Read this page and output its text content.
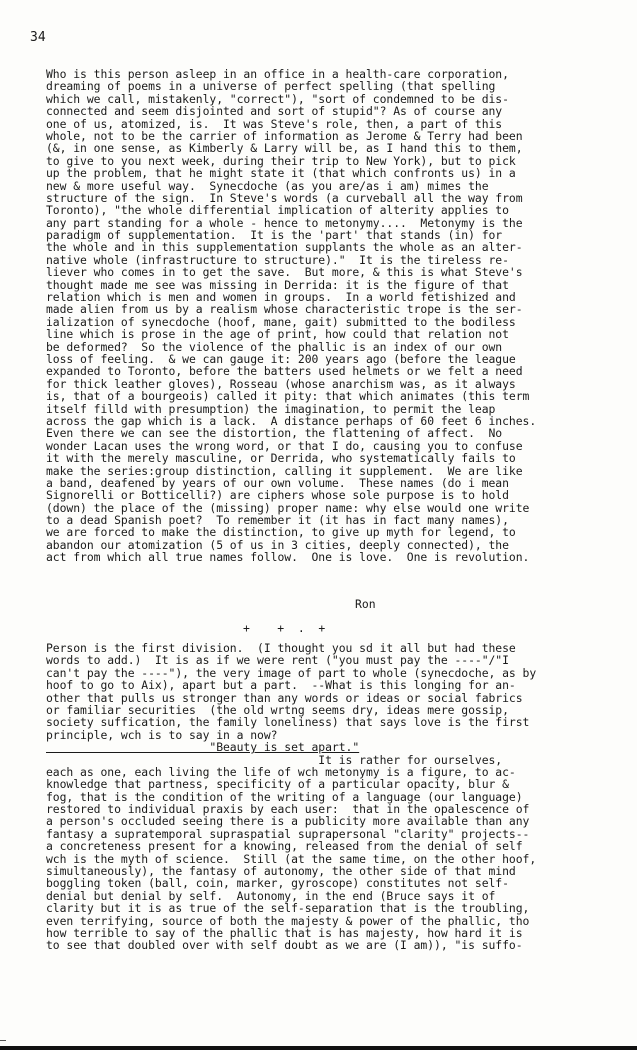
34
Who is this person asleep in an office in a health-care corporation,
dreaming of poems in a universe of perfect spelling (that spelling
which we call, mistakenly, "correct"), "sort of condemned to be dis-
connected and seem disjointed and sort of stupid"? As of course any
one of us, atomized, is.  It was Steve's role, then, a part of this
whole, not to be the carrier of information as Jerome & Terry had been
(&, in one sense, as Kimberly & Larry will be, as I hand this to them,
to give to you next week, during their trip to New York), but to pick
up the problem, that he might state it (that which confronts us) in a
new & more useful way.  Synecdoche (as you are/as i am) mimes the
structure of the sign.  In Steve's words (a curveball all the way from
Toronto), "the whole differential implication of alterity applies to
any part standing for a whole - hence to metonymy....  Metonymy is the
paradigm of supplementation.  It is the 'part' that stands (in) for
the whole and in this supplementation supplants the whole as an alter-
native whole (infrastructure to structure)."  It is the tireless re-
liever who comes in to get the save.  But more, & this is what Steve's
thought made me see was missing in Derrida: it is the figure of that
relation which is men and women in groups.  In a world fetishized and
made alien from us by a realism whose characteristic trope is the ser-
ialization of synecdoche (hoof, mane, gait) submitted to the bodiless
line which is prose in the age of print, how could that relation not
be deformed?  So the violence of the phallic is an index of our own
loss of feeling.  & we can gauge it: 200 years ago (before the league
expanded to Toronto, before the batters used helmets or we felt a need
for thick leather gloves), Rosseau (whose anarchism was, as it always
is, that of a bourgeois) called it pity: that which animates (this term
itself filld with presumption) the imagination, to permit the leap
across the gap which is a lack.  A distance perhaps of 60 feet 6 inches.
Even there we can see the distortion, the flattening of affect.  No
wonder Lacan uses the wrong word, or that I do, causing you to confuse
it with the merely masculine, or Derrida, who systematically fails to
make the series:group distinction, calling it supplement.  We are like
a band, deafened by years of our own volume.  These names (do i mean
Signorelli or Botticelli?) are ciphers whose sole purpose is to hold
(down) the place of the (missing) proper name: why else would one write
to a dead Spanish poet?  To remember it (it has in fact many names),
we are forced to make the distinction, to give up myth for legend, to
abandon our atomization (5 of us in 3 cities, deeply connected), the
act from which all true names follow.  One is love.  One is revolution.
Ron
+    +  .  +
Person is the first division.  (I thought you sd it all but had these
words to add.)  It is as if we were rent ("you must pay the ----"/"I
can't pay the ----"), the very image of part to whole (synecdoche, as by
hoof to go to Aix), apart but a part.  --What is this longing for an-
other that pulls us stronger than any words or ideas or social fabrics
or familiar securities  (the old wrtng seems dry, ideas mere gossip,
society suffication, the family loneliness) that says love is the first
principle, wch is to say in a now?
"Beauty is set apart."
It is rather for ourselves,
each as one, each living the life of wch metonymy is a figure, to ac-
knowledge that partness, specificity of a particular opacity, blur &
fog, that is the condition of the writing of a language (our language)
restored to individual praxis by each user:  that in the opalescence of
a person's occluded seeing there is a publicity more available than any
fantasy a supratemporal supraspatial suprapersonal "clarity" projects--
a concreteness present for a knowing, released from the denial of self
wch is the myth of science.  Still (at the same time, on the other hoof,
simultaneously), the fantasy of autonomy, the other side of that mind
boggling token (ball, coin, marker, gyroscope) constitutes not self-
denial but denial by self.  Autonomy, in the end (Bruce says it of
clarity but it is as true of the self-separation that is the troubling,
even terrifying, source of both the majesty & power of the phallic, tho
how terrible to say of the phallic that is has majesty, how hard it is
to see that doubled over with self doubt as we are (I am)), "is suffo-
